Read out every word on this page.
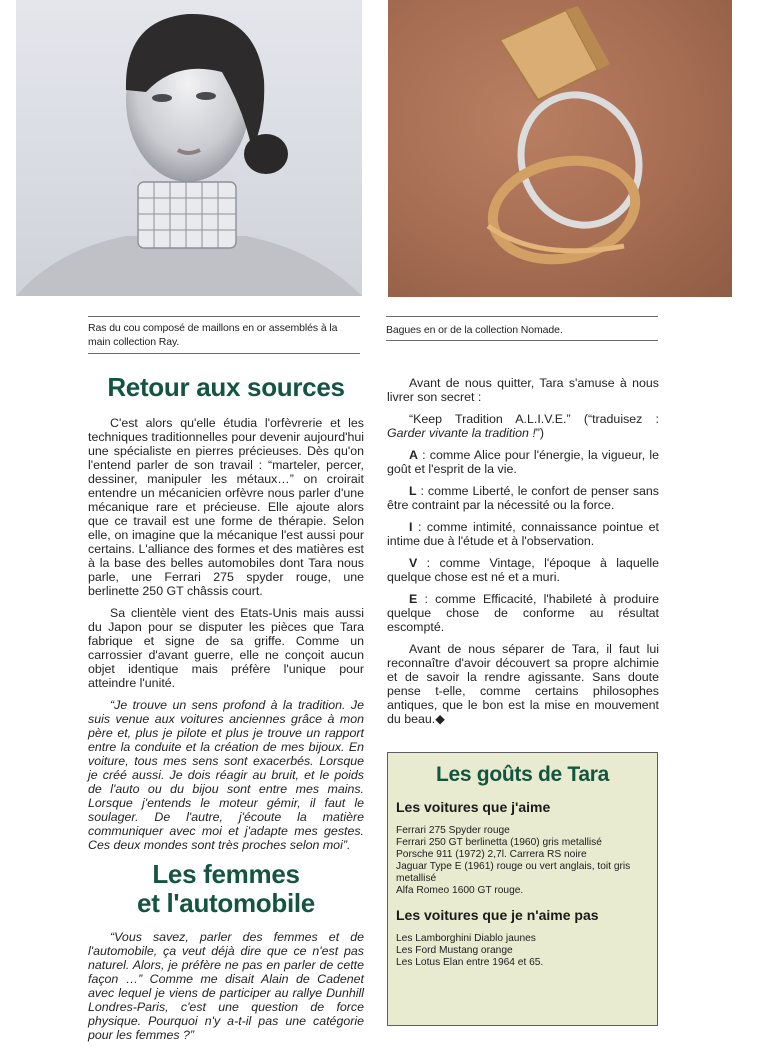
Ras du cou composé de maillons en or assemblés à la main collection Ray.
Bagues en or de la collection Nomade.
Retour aux sources

C'est alors qu'elle étudia l'orfèvrerie et les techniques traditionnelles pour devenir aujourd'hui une spécialiste en pierres précieuses. Dès qu'on l'entend parler de son travail : “marteler, percer, dessiner, manipuler les métaux…” on croirait entendre un mécanicien orfèvre nous parler d'une mécanique rare et précieuse. Elle ajoute alors que ce travail est une forme de thérapie. Selon elle, on imagine que la mécanique l'est aussi pour certains. L'alliance des formes et des matières est à la base des belles automobiles dont Tara nous parle, une Ferrari 275 spyder rouge, une berlinette 250 GT châssis court.

Sa clientèle vient des Etats-Unis mais aussi du Japon pour se disputer les pièces que Tara fabrique et signe de sa griffe. Comme un carrossier d'avant guerre, elle ne conçoit aucun objet identique mais préfère l'unique pour atteindre l'unité.

“Je trouve un sens profond à la tradition. Je suis venue aux voitures anciennes grâce à mon père et, plus je pilote et plus je trouve un rapport entre la conduite et la création de mes bijoux. En voiture, tous mes sens sont exacerbés. Lorsque je créé aussi. Je dois réagir au bruit, et le poids de l'auto ou du bijou sont entre mes mains. Lorsque j'entends le moteur gémir, il faut le soulager. De l'autre, j'écoute la matière communiquer avec moi et j'adapte mes gestes. Ces deux mondes sont très proches selon moi”.

Les femmes
et l'automobile

“Vous savez, parler des femmes et de l'automobile, ça veut déjà dire que ce n'est pas naturel. Alors, je préfère ne pas en parler de cette façon …” Comme me disait Alain de Cadenet avec lequel je viens de participer au rallye Dunhill Londres-Paris, c'est une question de force physique. Pourquoi n'y a-t-il pas une catégorie pour les femmes ?”

Avant de nous quitter, Tara s'amuse à nous livrer son secret :

“Keep Tradition A.L.I.V.E.” (“traduisez : Garder vivante la tradition !”)

A : comme Alice pour l'énergie, la vigueur, le goût et l'esprit de la vie.

L : comme Liberté, le confort de penser sans être contraint par la nécessité ou la force.

I : comme intimité, connaissance pointue et intime due à l'étude et à l'observation.

V : comme Vintage, l'époque à laquelle quelque chose est né et a muri.

E : comme Efficacité, l'habileté à produire quelque chose de conforme au résultat escompté.

Avant de nous séparer de Tara, il faut lui reconnaître d'avoir découvert sa propre alchimie et de savoir la rendre agissante. Sans doute pense t-elle, comme certains philosophes antiques, que le bon est la mise en mouvement du beau.◆

Les goûts de Tara
Les voitures que j'aime
Ferrari 275 Spyder rouge
Ferrari 250 GT berlinetta (1960) gris metallisé
Porsche 911 (1972) 2,7l. Carrera RS noire
Jaguar Type E (1961) rouge ou vert anglais, toit gris metallisé
Alfa Romeo 1600 GT rouge.
Les voitures que je n'aime pas
Les Lamborghini Diablo jaunes
Les Ford Mustang orange
Les Lotus Elan entre 1964 et 65.
